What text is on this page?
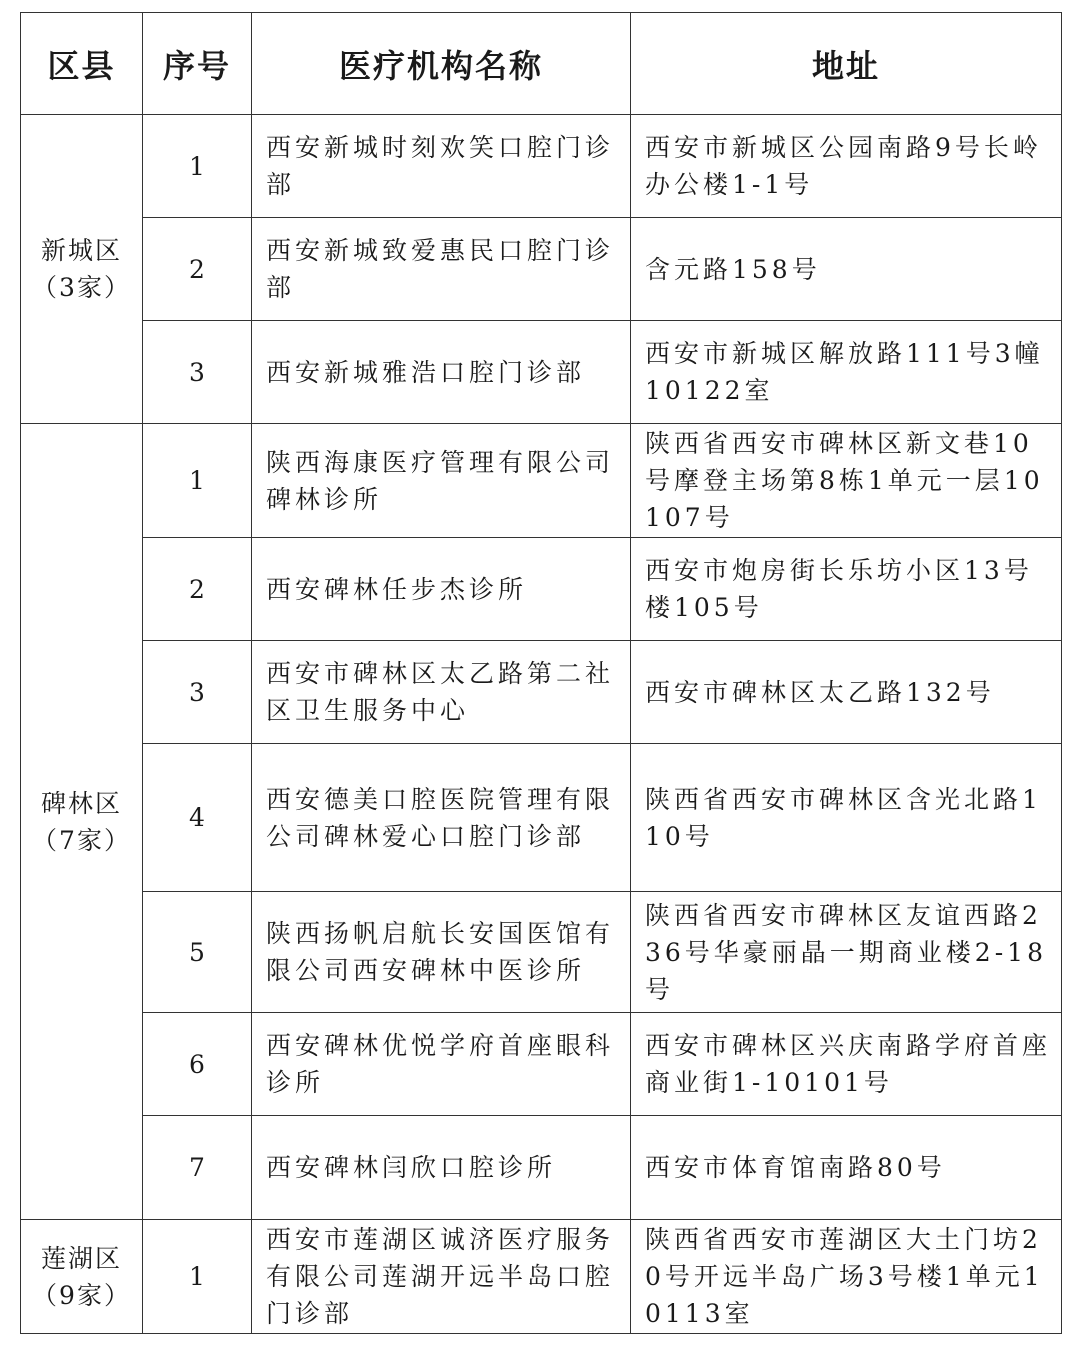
区县	序号	医疗机构名称	地址

新城区
（3家）	1	西安新城时刻欢笑口腔门诊部	西安市新城区公园南路9号长岭办公楼1-1号
	2	西安新城致爱惠民口腔门诊部	含元路158号
	3	西安新城雅浩口腔门诊部	西安市新城区解放路111号3幢10122室

碑林区
（7家）	1	陕西海康医疗管理有限公司碑林诊所	陕西省西安市碑林区新文巷10号摩登主场第8栋1单元一层10107号
	2	西安碑林任步杰诊所	西安市炮房街长乐坊小区13号楼105号
	3	西安市碑林区太乙路第二社区卫生服务中心	西安市碑林区太乙路132号
	4	西安德美口腔医院管理有限公司碑林爱心口腔门诊部	陕西省西安市碑林区含光北路110号
	5	陕西扬帆启航长安国医馆有限公司西安碑林中医诊所	陕西省西安市碑林区友谊西路236号华豪丽晶一期商业楼2-18号
	6	西安碑林优悦学府首座眼科诊所	西安市碑林区兴庆南路学府首座商业街1-10101号
	7	西安碑林闫欣口腔诊所	西安市体育馆南路80号

莲湖区
（9家）	1	西安市莲湖区诚济医疗服务有限公司莲湖开远半岛口腔门诊部	陕西省西安市莲湖区大土门坊20号开远半岛广场3号楼1单元10113室
